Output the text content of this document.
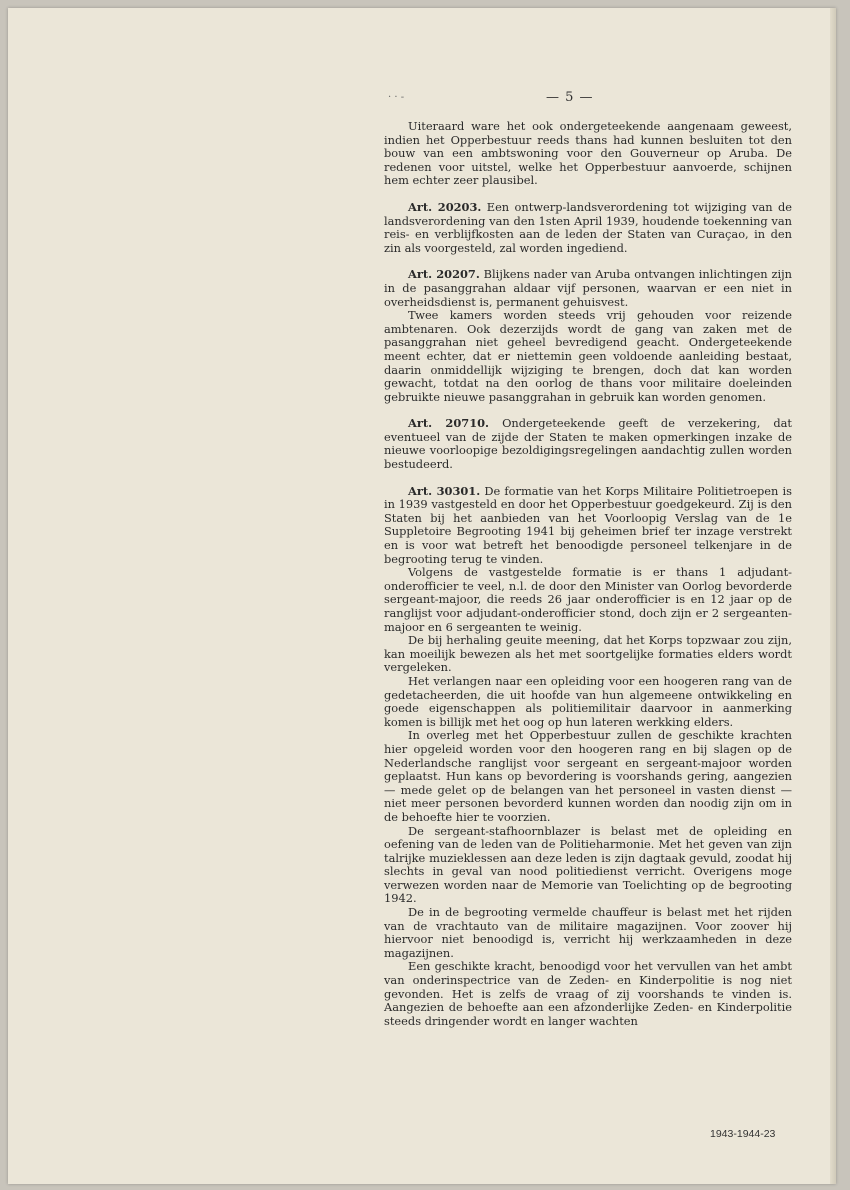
· · -	— 5 —

Uiteraard ware het ook ondergeteekende aangenaam geweest, indien het Opperbestuur reeds thans had kunnen besluiten tot den bouw van een ambtswoning voor den Gouverneur op Aruba. De redenen voor uitstel, welke het Opperbestuur aanvoerde, schijnen hem echter zeer plausibel.

Art. 20203. Een ontwerp-landsverordening tot wijziging van de landsverordening van den 1sten April 1939, houdende toekenning van reis- en verblijfkosten aan de leden der Staten van Curaçao, in den zin als voorgesteld, zal worden ingediend.

Art. 20207. Blijkens nader van Aruba ontvangen inlichtingen zijn in de pasanggrahan aldaar vijf personen, waarvan er een niet in overheidsdienst is, permanent gehuisvest.

Twee kamers worden steeds vrij gehouden voor reizende ambtenaren. Ook dezerzijds wordt de gang van zaken met de pasanggrahan niet geheel bevredigend geacht. Ondergeteekende meent echter, dat er niettemin geen voldoende aanleiding bestaat, daarin onmiddellijk wijziging te brengen, doch dat kan worden gewacht, totdat na den oorlog de thans voor militaire doeleinden gebruikte nieuwe pasanggrahan in gebruik kan worden genomen.

Art. 20710. Ondergeteekende geeft de verzekering, dat eventueel van de zijde der Staten te maken opmerkingen inzake de nieuwe voorloopige bezoldigingsregelingen aandachtig zullen worden bestudeerd.

Art. 30301. De formatie van het Korps Militaire Politietroepen is in 1939 vastgesteld en door het Opperbestuur goedgekeurd. Zij is den Staten bij het aanbieden van het Voorloopig Verslag van de 1e Suppletoire Begrooting 1941 bij geheimen brief ter inzage verstrekt en is voor wat betreft het benoodigde personeel telkenjare in de begrooting terug te vinden.

Volgens de vastgestelde formatie is er thans 1 adjudant-onderofficier te veel, n.l. de door den Minister van Oorlog bevorderde sergeant-majoor, die reeds 26 jaar onderofficier is en 12 jaar op de ranglijst voor adjudant-onderofficier stond, doch zijn er 2 sergeanten-majoor en 6 sergeanten te weinig.

De bij herhaling geuite meening, dat het Korps topzwaar zou zijn, kan moeilijk bewezen als het met soortgelijke formaties elders wordt vergeleken.

Het verlangen naar een opleiding voor een hoogeren rang van de gedetacheerden, die uit hoofde van hun algemeene ontwikkeling en goede eigenschappen als politiemilitair daarvoor in aanmerking komen is billijk met het oog op hun lateren werkking elders.

In overleg met het Opperbestuur zullen de geschikte krachten hier opgeleid worden voor den hoogeren rang en bij slagen op de Nederlandsche ranglijst voor sergeant en sergeant-majoor worden geplaatst. Hun kans op bevordering is voorshands gering, aangezien — mede gelet op de belangen van het personeel in vasten dienst — niet meer personen bevorderd kunnen worden dan noodig zijn om in de behoefte hier te voorzien.

De sergeant-stafhoornblazer is belast met de opleiding en oefening van de leden van de Politieharmonie. Met het geven van zijn talrijke muzieklessen aan deze leden is zijn dagtaak gevuld, zoodat hij slechts in geval van nood politiedienst verricht. Overigens moge verwezen worden naar de Memorie van Toelichting op de begrooting 1942.

De in de begrooting vermelde chauffeur is belast met het rijden van de vrachtauto van de militaire magazijnen. Voor zoover hij hiervoor niet benoodigd is, verricht hij werkzaamheden in deze magazijnen.

Een geschikte kracht, benoodigd voor het vervullen van het ambt van onderinspectrice van de Zeden- en Kinderpolitie is nog niet gevonden. Het is zelfs de vraag of zij voorshands te vinden is. Aangezien de behoefte aan een afzonderlijke Zeden- en Kinderpolitie steeds dringender wordt en langer wachten

1943-1944-23
